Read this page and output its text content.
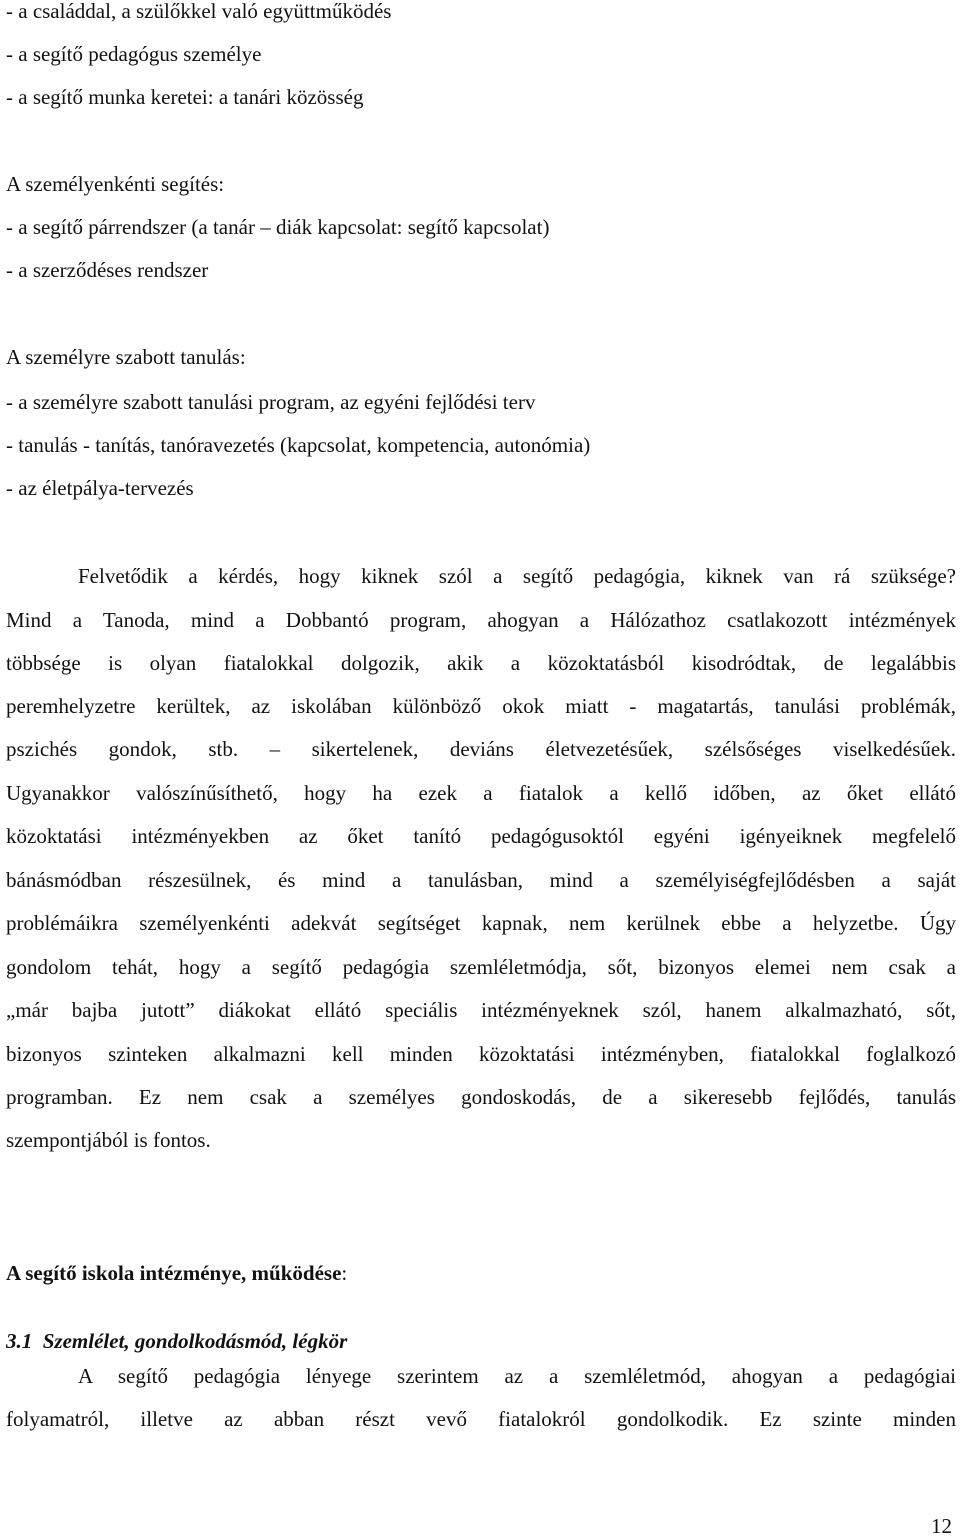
- a családdal, a szülőkkel való együttműködés
- a segítő pedagógus személye
- a segítő munka keretei: a tanári közösség
A személyenkénti segítés:
- a segítő párrendszer (a tanár – diák kapcsolat: segítő kapcsolat)
- a szerződéses rendszer
A személyre szabott tanulás:
- a személyre szabott tanulási program, az egyéni fejlődési terv
- tanulás - tanítás, tanóravezetés (kapcsolat, kompetencia, autonómia)
- az életpálya-tervezés
Felvetődik a kérdés, hogy kiknek szól a segítő pedagógia, kiknek van rá szüksége?
Mind a Tanoda, mind a Dobbantó program, ahogyan a Hálózathoz csatlakozott intézmények
többsége is olyan fiatalokkal dolgozik, akik a közoktatásból kisodródtak, de legalábbis
peremhelyzetre kerültek, az iskolában különböző okok miatt - magatartás, tanulási problémák,
pszichés gondok, stb. – sikertelenek, deviáns életvezetésűek, szélsőséges viselkedésűek.
Ugyanakkor valószínűsíthető, hogy ha ezek a fiatalok a kellő időben, az őket ellátó
közoktatási intézményekben az őket tanító pedagógusoktól egyéni igényeiknek megfelelő
bánásmódban részesülnek, és mind a tanulásban, mind a személyiségfejlődésben a saját
problémáikra személyenkénti adekvát segítséget kapnak, nem kerülnek ebbe a helyzetbe. Úgy
gondolom tehát, hogy a segítő pedagógia szemléletmódja, sőt, bizonyos elemei nem csak a
„már bajba jutott” diákokat ellátó speciális intézményeknek szól, hanem alkalmazható, sőt,
bizonyos szinteken alkalmazni kell minden közoktatási intézményben, fiatalokkal foglalkozó
programban. Ez nem csak a személyes gondoskodás, de a sikeresebb fejlődés, tanulás
szempontjából is fontos.
A segítő iskola intézménye, működése:
3.1  Szemlélet, gondolkodásmód, légkör
A segítő pedagógia lényege szerintem az a szemléletmód, ahogyan a pedagógiai
folyamatról, illetve az abban részt vevő fiatalokról gondolkodik. Ez szinte minden
12
